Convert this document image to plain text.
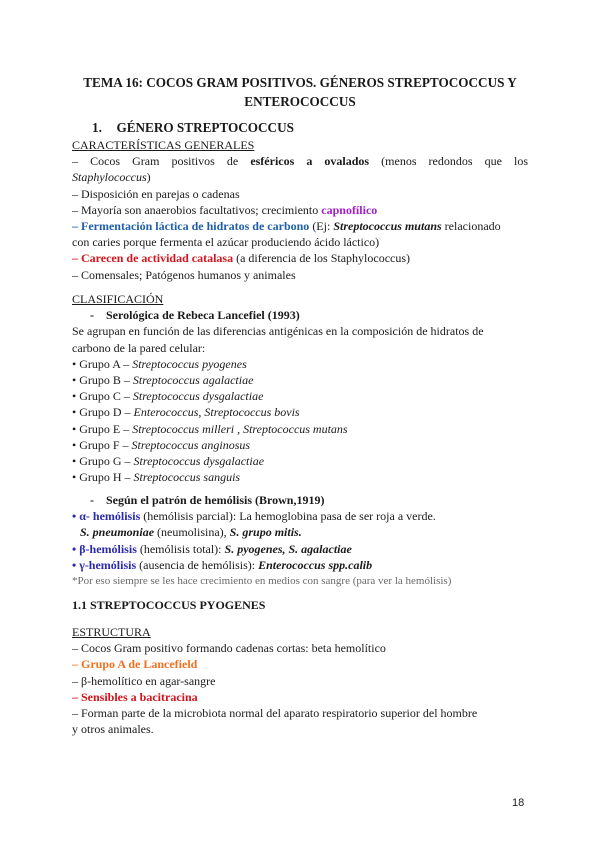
TEMA 16: COCOS GRAM POSITIVOS. GÉNEROS STREPTOCOCCUS Y
ENTEROCOCCUS
1. GÉNERO STREPTOCOCCUS
CARACTERÍSTICAS GENERALES
– Cocos Gram positivos de esféricos a ovalados (menos redondos que los
Staphylococcus)
– Disposición en parejas o cadenas
– Mayoría son anaerobios facultativos; crecimiento capnofílico
– Fermentación láctica de hidratos de carbono (Ej: Streptococcus mutans relacionado
con caries porque fermenta el azúcar produciendo ácido láctico)
– Carecen de actividad catalasa (a diferencia de los Staphylococcus)
– Comensales; Patógenos humanos y animales
CLASIFICACIÓN
- Serológica de Rebeca Lancefiel (1993)
Se agrupan en función de las diferencias antigénicas en la composición de hidratos de
carbono de la pared celular:
• Grupo A – Streptococcus pyogenes
• Grupo B – Streptococcus agalactiae
• Grupo C – Streptococcus dysgalactiae
• Grupo D – Enterococcus, Streptococcus bovis
• Grupo E – Streptococcus milleri , Streptococcus mutans
• Grupo F – Streptococcus anginosus
• Grupo G – Streptococcus dysgalactiae
• Grupo H – Streptococcus sanguis
- Según el patrón de hemólisis (Brown,1919)
• α- hemólisis (hemólisis parcial): La hemoglobina pasa de ser roja a verde.
S. pneumoniae (neumolisina), S. grupo mitis.
• β-hemólisis (hemólisis total): S. pyogenes, S. agalactiae
• γ-hemólisis (ausencia de hemólisis): Enterococcus spp.calib
*Por eso siempre se les hace crecimiento en medios con sangre (para ver la hemólisis)
1.1 STREPTOCOCCUS PYOGENES
ESTRUCTURA
– Cocos Gram positivo formando cadenas cortas: beta hemolítico
– Grupo A de Lancefield
– β-hemolítico en agar-sangre
– Sensibles a bacitracina
– Forman parte de la microbiota normal del aparato respiratorio superior del hombre
y otros animales.
18
